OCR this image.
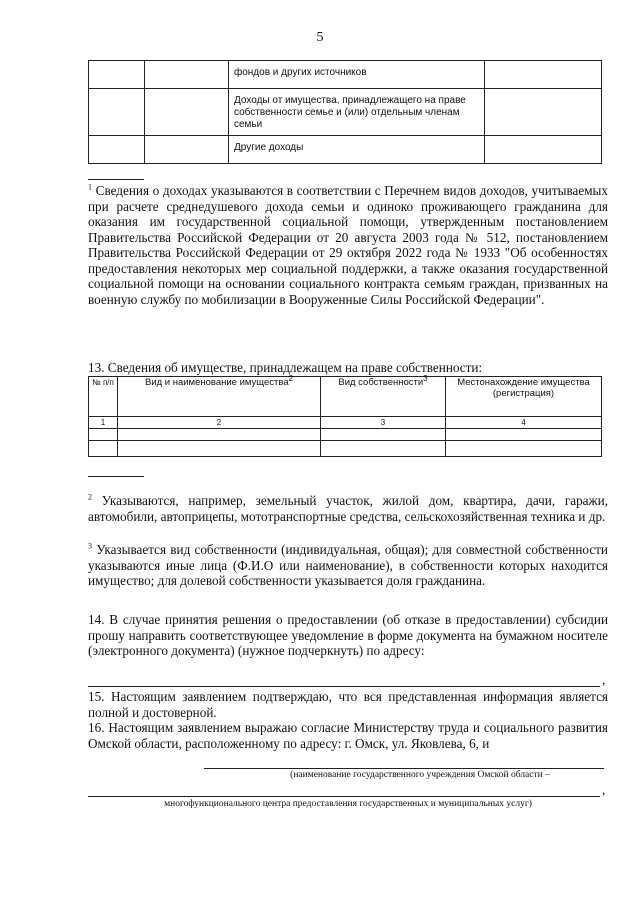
5
		фондов и других источников	
		Доходы от имущества, принадлежащего на праве собственности семье и (или) отдельным членам семьи	
		Другие доходы	
$^1$ Сведения о доходах указываются в соответствии с Перечнем видов доходов, учитываемых при расчете среднедушевого дохода семьи и одиноко проживающего гражданина для оказания им государственной социальной помощи, утвержденным постановлением Правительства Российской Федерации от 20 августа 2003 года № 512, постановлением Правительства Российской Федерации от 29 октября 2022 года № 1933 "Об особенностях предоставления некоторых мер социальной поддержки, а также оказания государственной социальной помощи на основании социального контракта семьям граждан, призванных на военную службу по мобилизации в Вооруженные Силы Российской Федерации".
13. Сведения об имуществе, принадлежащем на праве собственности:
№ п/п	Вид и наименование имущества$^2$	Вид собственности$^3$	Местонахождение имущества (регистрация)
1	2	3	4

$^2$ Указываются, например, земельный участок, жилой дом, квартира, дачи, гаражи, автомобили, автоприцепы, мототранспортные средства, сельскохозяйственная техника и др.
$^3$ Указывается вид собственности (индивидуальная, общая); для совместной собственности указываются иные лица (Ф.И.О или наименование), в собственности которых находится имущество; для долевой собственности указывается доля гражданина.
14. В случае принятия решения о предоставлении (об отказе в предоставлении) субсидии прошу направить соответствующее уведомление в форме документа на бумажном носителе (электронного документа) (нужное подчеркнуть) по адресу:
,
15. Настоящим заявлением подтверждаю, что вся представленная информация является полной и достоверной.
16. Настоящим заявлением выражаю согласие Министерству труда и социального развития Омской области, расположенному по адресу: г. Омск, ул. Яковлева, 6, и
(наименование государственного учреждения Омской области –
,
многофункционального центра предоставления государственных и муниципальных услуг)
